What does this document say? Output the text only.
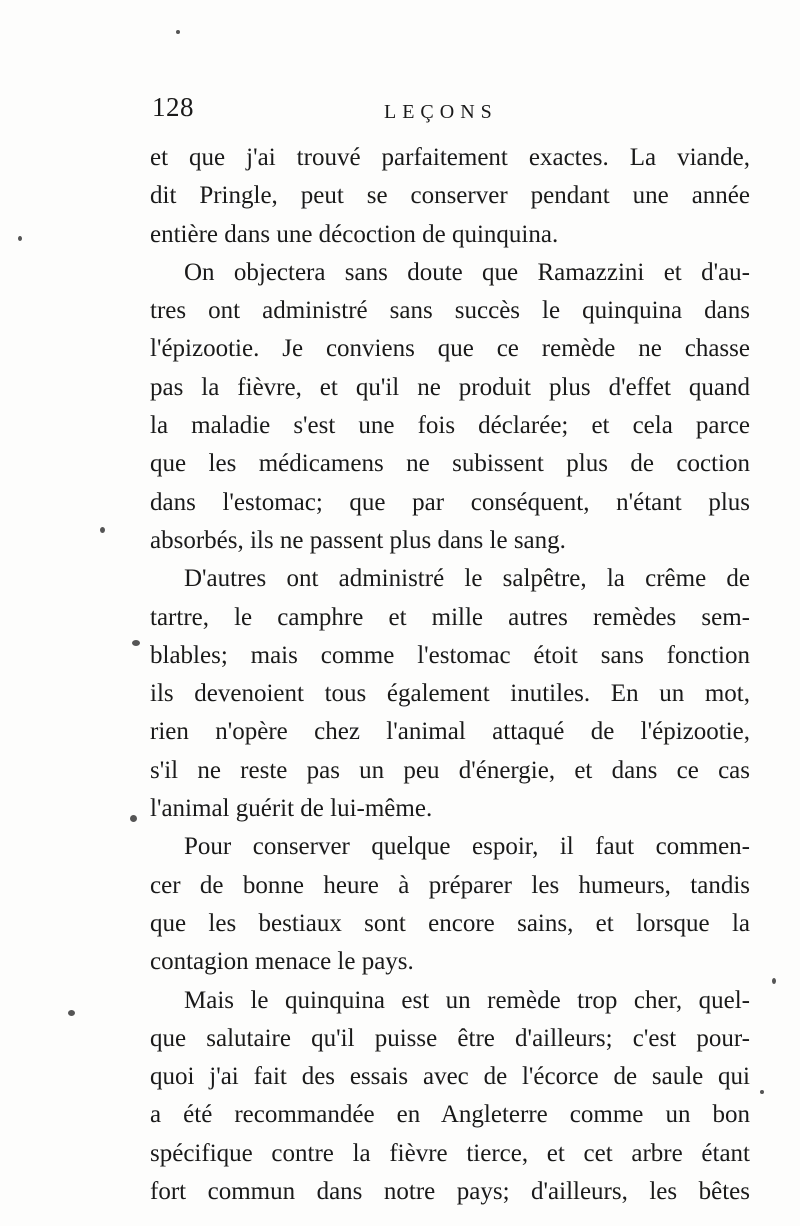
128	LEÇONS
et que j'ai trouvé parfaitement exactes. La viande,
dit Pringle, peut se conserver pendant une année
entière dans une décoction de quinquina.
On objectera sans doute que Ramazzini et d'au-
tres ont administré sans succès le quinquina dans
l'épizootie. Je conviens que ce remède ne chasse
pas la fièvre, et qu'il ne produit plus d'effet quand
la maladie s'est une fois déclarée; et cela parce
que les médicamens ne subissent plus de coction
dans l'estomac; que par conséquent, n'étant plus
absorbés, ils ne passent plus dans le sang.
D'autres ont administré le salpêtre, la crême de
tartre, le camphre et mille autres remèdes sem-
blables; mais comme l'estomac étoit sans fonction
ils devenoient tous également inutiles. En un mot,
rien n'opère chez l'animal attaqué de l'épizootie,
s'il ne reste pas un peu d'énergie, et dans ce cas
l'animal guérit de lui-même.
Pour conserver quelque espoir, il faut commen-
cer de bonne heure à préparer les humeurs, tandis
que les bestiaux sont encore sains, et lorsque la
contagion menace le pays.
Mais le quinquina est un remède trop cher, quel-
que salutaire qu'il puisse être d'ailleurs; c'est pour-
quoi j'ai fait des essais avec de l'écorce de saule qui
a été recommandée en Angleterre comme un bon
spécifique contre la fièvre tierce, et cet arbre étant
fort commun dans notre pays; d'ailleurs, les bêtes
